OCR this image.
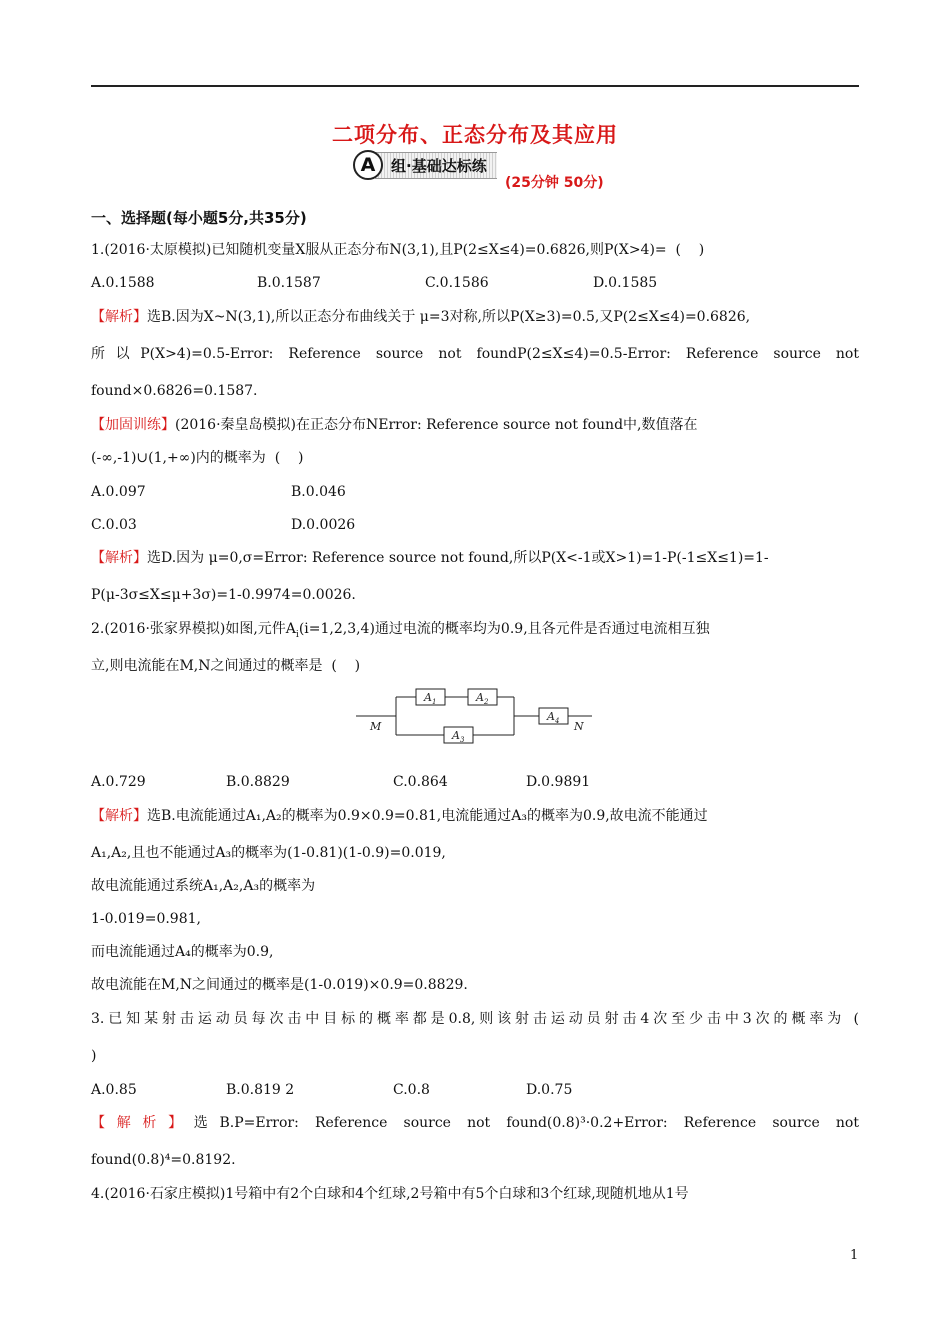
二项分布、正态分布及其应用
A	组·基础达标练
(25分钟 50分)
一、选择题(每小题5分,共35分)
1.(2016·太原模拟)已知随机变量X服从正态分布N(3,1),且P(2≤X≤4)=0.6826,则P(X>4)=  (    )
A.0.1588	B.0.1587	C.0.1586	D.0.1585
【解析】选B.因为X~N(3,1),所以正态分布曲线关于 μ=3对称,所以P(X≥3)=0.5,又P(2≤X≤4)=0.6826,
所以P(X>4)=0.5-Error: Reference source not foundP(2≤X≤4)=0.5-Error: Reference source not
found×0.6826=0.1587.
【加固训练】(2016·秦皇岛模拟)在正态分布NError: Reference source not found中,数值落在
(-∞,-1)∪(1,+∞)内的概率为  (    )
A.0.097	B.0.046
C.0.03	D.0.0026
【解析】选D.因为 μ=0,σ=Error: Reference source not found,所以P(X<-1或X>1)=1-P(-1≤X≤1)=1-
P(μ-3σ≤X≤μ+3σ)=1-0.9974=0.0026.
2.(2016·张家界模拟)如图,元件$A_i(i=1,2,3,4)$通过电流的概率均为0.9,且各元件是否通过电流相互独
立,则电流能在M,N之间通过的概率是  (    )
M	N
$A_1$	$A_2$
$A_3$
$A_4$
A.0.729	B.0.8829	C.0.864	D.0.9891
【解析】选B.电流能通过A₁,A₂的概率为0.9×0.9=0.81,电流能通过A₃的概率为0.9,故电流不能通过
A₁,A₂,且也不能通过A₃的概率为(1-0.81)(1-0.9)=0.019,
故电流能通过系统A₁,A₂,A₃的概率为
1-0.019=0.981,
而电流能通过A₄的概率为0.9,
故电流能在M,N之间通过的概率是(1-0.019)×0.9=0.8829.
3.已知某射击运动员每次击中目标的概率都是0.8,则该射击运动员射击4次至少击中3次的概率为 (
)
A.0.85	B.0.819 2	C.0.8	D.0.75
【解析】选B.P=Error: Reference source not found(0.8)³·0.2+Error: Reference source not
found(0.8)⁴=0.8192.
4.(2016·石家庄模拟)1号箱中有2个白球和4个红球,2号箱中有5个白球和3个红球,现随机地从1号
1
